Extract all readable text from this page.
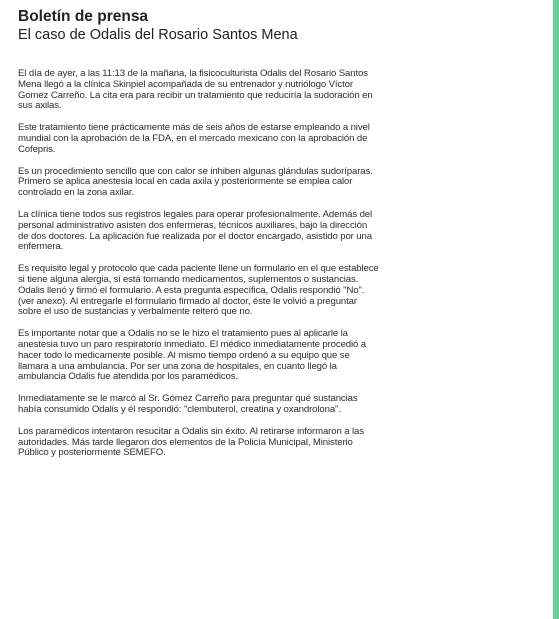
Boletín de prensa
El caso de Odalis del Rosario Santos Mena

El día de ayer, a las 11:13 de la mañana, la fisicoculturista Odalis del Rosario Santos
Mena llegó a la clínica Skinpiel acompañada de su entrenador y nutriólogo Víctor
Gomez Carreño. La cita era para recibir un tratamiento que reduciría la sudoración en
sus axilas.

Este tratamiento tiene prácticamente más de seis años de estarse empleando a nivel
mundial con la aprobación de la FDA, en el mercado mexicano con la aprobación de
Cofepris.

Es un procedimiento sencillo que con calor se inhiben algunas glándulas sudoríparas.
Primero se aplica anestesia local en cada axila y posteriormente se emplea calor
controlado en la zona axilar.

La clínica tiene todos sus registros legales para operar profesionalmente. Además del
personal administrativo asisten dos enfermeras, técnicos auxiliares, bajo la dirección
de dos doctores. La aplicación fue realizada por el doctor encargado, asistido por una
enfermera.

Es requisito legal y protocolo que cada paciente llene un formulario en el que establece
si tiene alguna alergia, si está tomando medicamentos, suplementos o sustancias.
Odalis llenó y firmó el formulario. A esta pregunta específica, Odalis respondió "No".
(ver anexo). Al entregarle el formulario firmado al doctor, éste le volvió a preguntar
sobre el uso de sustancias y verbalmente reiteró que no.

Es importante notar que a Odalis no se le hizo el tratamiento pues al aplicarle la
anestesia tuvo un paro respiratorio inmediato. El médico inmediatamente procedió a
hacer todo lo medicamente posible. Al mismo tiempo ordenó a su equipo que se
llamara a una ambulancia. Por ser una zona de hospitales, en cuanto llegó la
ambulancia Odalis fue atendida por los paramédicos.

Inmediatamente se le marcó al Sr. Gómez Carreño para preguntar qué sustancias
había consumido Odalis y él respondió: "clembuterol, creatina y oxandrolona".

Los paramédicos intentaron resucitar a Odalis sin éxito. Al retirarse informaron a las
autoridades. Más tarde llegaron dos elementos de la Policía Municipal, Ministerio
Público y posteriormente SEMEFO.
